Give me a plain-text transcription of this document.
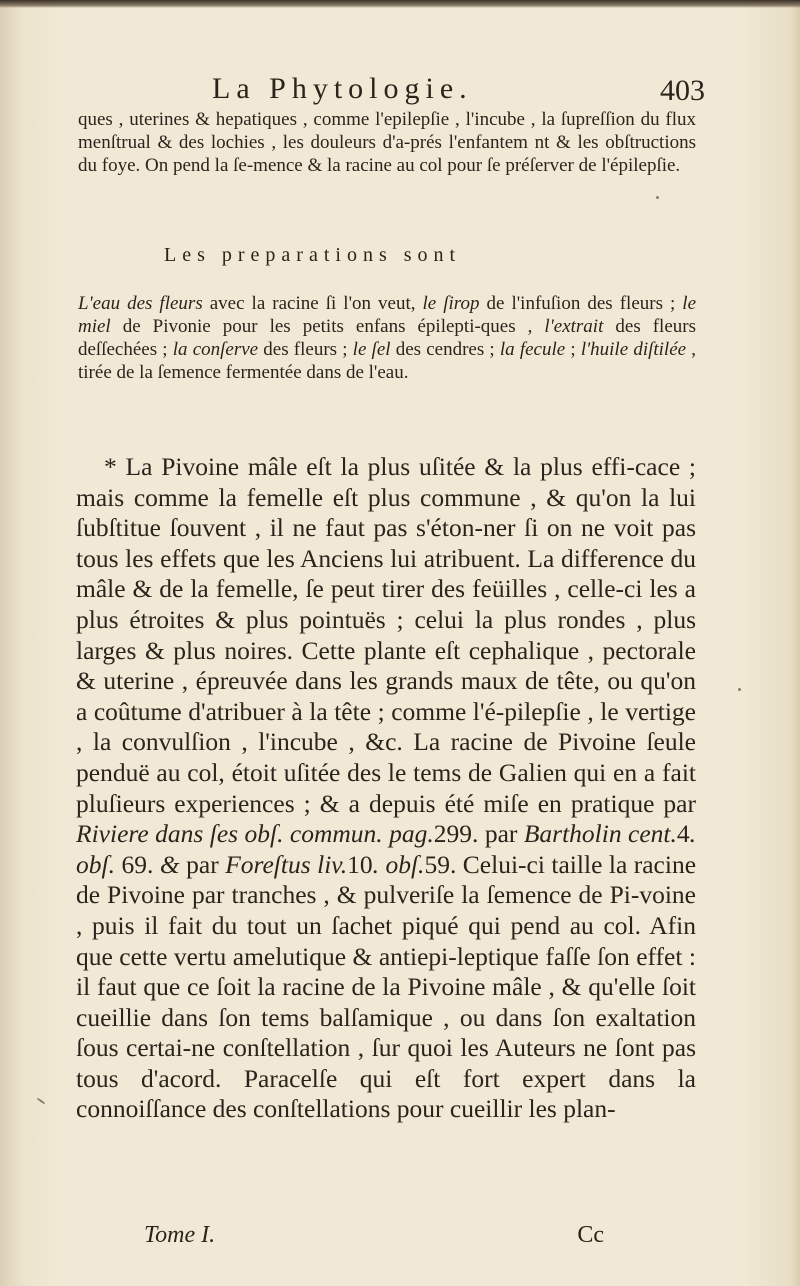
La Phytologie.	403

ques , uterines & hepatiques , comme l'epilepſie , l'incube , la ſupreſſion du flux menſtrual & des lochies , les douleurs d'a-prés l'enfantem nt & les obſtructions du foye. On pend la ſe-mence & la racine au col pour ſe préſerver de l'épilepſie.

Les preparations sont

L'eau des fleurs avec la racine ſi l'on veut, le ſirop de l'infuſion des fleurs ; le miel de Pivonie pour les petits enfans épilepti-ques , l'extrait des fleurs deſſechées ; la conſerve des fleurs ; le ſel des cendres ; la fecule ; l'huile diſtilée , tirée de la ſemence fermentée dans de l'eau.

* La Pivoine mâle eſt la plus uſitée & la plus effi-cace ; mais comme la femelle eſt plus commune , & qu'on la lui ſubſtitue ſouvent , il ne faut pas s'éton-ner ſi on ne voit pas tous les effets que les Anciens lui atribuent. La difference du mâle & de la femelle, ſe peut tirer des feüilles , celle-ci les a plus étroites & plus pointuës ; celui la plus rondes , plus larges & plus noires. Cette plante eſt cephalique , pectorale & uterine , épreuvée dans les grands maux de tête, ou qu'on a coûtume d'atribuer à la tête ; comme l'é-pilepſie , le vertige , la convulſion , l'incube , &c. La racine de Pivoine ſeule penduë au col, étoit uſitée des le tems de Galien qui en a fait pluſieurs experiences ; & a depuis été miſe en pratique par Riviere dans ſes obſ. commun. pag.299. par Bartholin cent.4. obſ. 69. & par Foreſtus liv.10. obſ.59. Celui-ci taille la racine de Pivoine par tranches , & pulveriſe la ſemence de Pi-voine , puis il fait du tout un ſachet piqué qui pend au col. Afin que cette vertu amelutique & antiepi-leptique faſſe ſon effet : il faut que ce ſoit la racine de la Pivoine mâle , & qu'elle ſoit cueillie dans ſon tems balſamique , ou dans ſon exaltation ſous certai-ne conſtellation , ſur quoi les Auteurs ne ſont pas tous d'acord. Paracelſe qui eſt fort expert dans la connoiſſance des conſtellations pour cueillir les plan-

Tome I.	Cc
